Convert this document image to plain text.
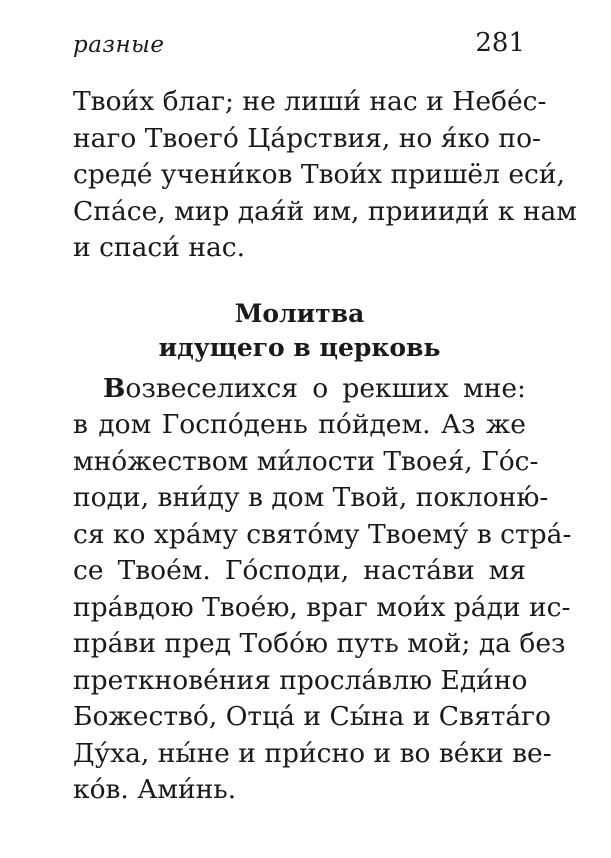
разные	281
Твои́х благ; не лиши́ нас и Небе́с-
наго Твоего́ Ца́рствия, но я́ко по-
среде́ учени́ков Твои́х пришёл еси́,
Спа́се, мир дая́й им, приииди́ к нам
и спаси́ нас.
Молитва
идущего в церковь
Возвеселихся о рекших мне:
в дом Госпо́день по́йдем. Аз же
мно́жеством ми́лости Твоея́, Го́с-
поди, вни́ду в дом Твой, поклоню́-
ся ко хра́му свято́му Твоему́ в стра́-
се Твое́м. Го́споди, наста́ви мя
пра́вдою Твое́ю, враг мои́х ра́ди ис-
пра́ви пред Тобо́ю путь мой; да без
преткнове́ния просла́влю Еди́но
Божество́, Отца́ и Сы́на и Свята́го
Ду́ха, ны́не и при́сно и во ве́ки ве-
ко́в. Ами́нь.
